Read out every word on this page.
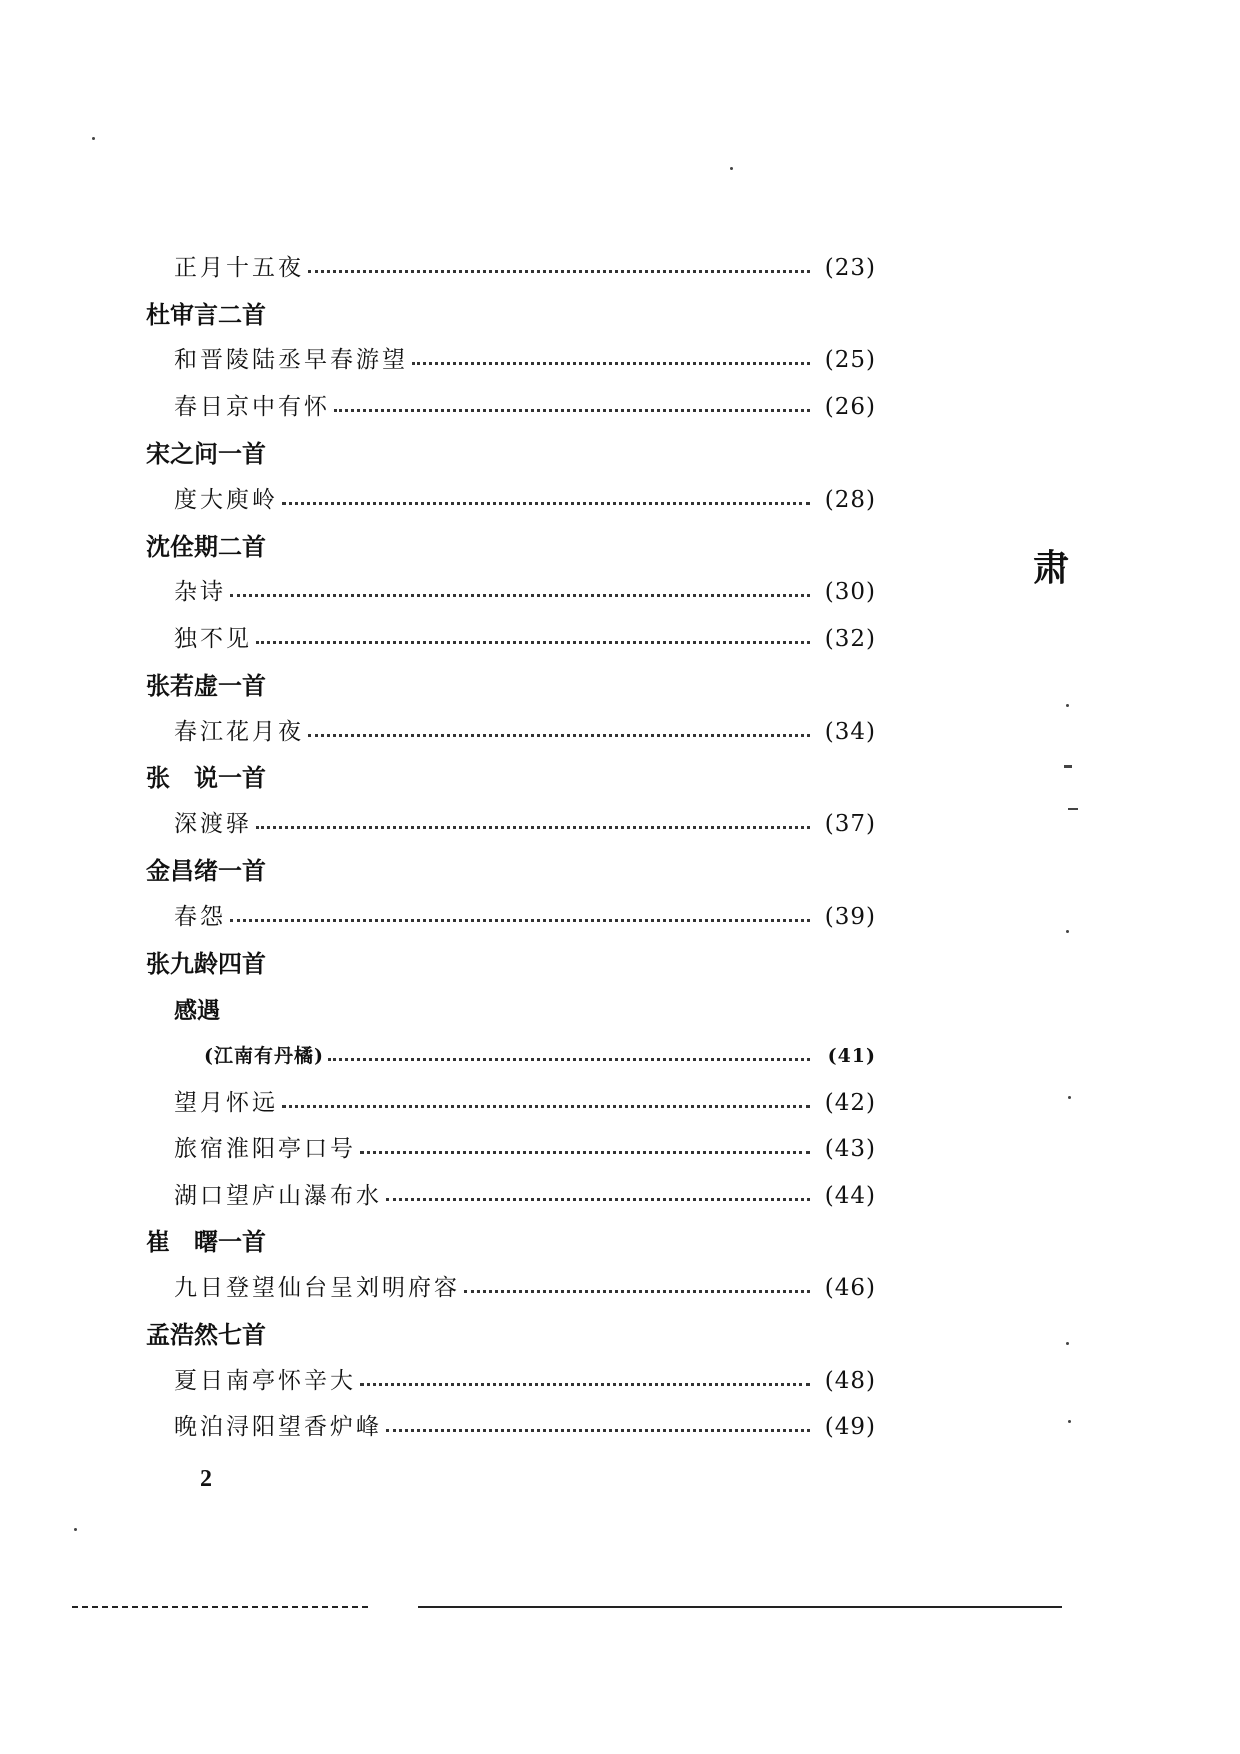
正月十五夜	(23)
杜审言二首
和晋陵陆丞早春游望	(25)
春日京中有怀	(26)
宋之问一首
度大庾岭	(28)
沈佺期二首
杂诗	(30)
独不见	(32)
张若虚一首
春江花月夜	(34)
张　说一首
深渡驿	(37)
金昌绪一首
春怨	(39)
张九龄四首
感遇
(江南有丹橘)	(41)
望月怀远	(42)
旅宿淮阳亭口号	(43)
湖口望庐山瀑布水	(44)
崔　曙一首
九日登望仙台呈刘明府容	(46)
孟浩然七首
夏日南亭怀辛大	(48)
晚泊浔阳望香炉峰	(49)
2
肃
